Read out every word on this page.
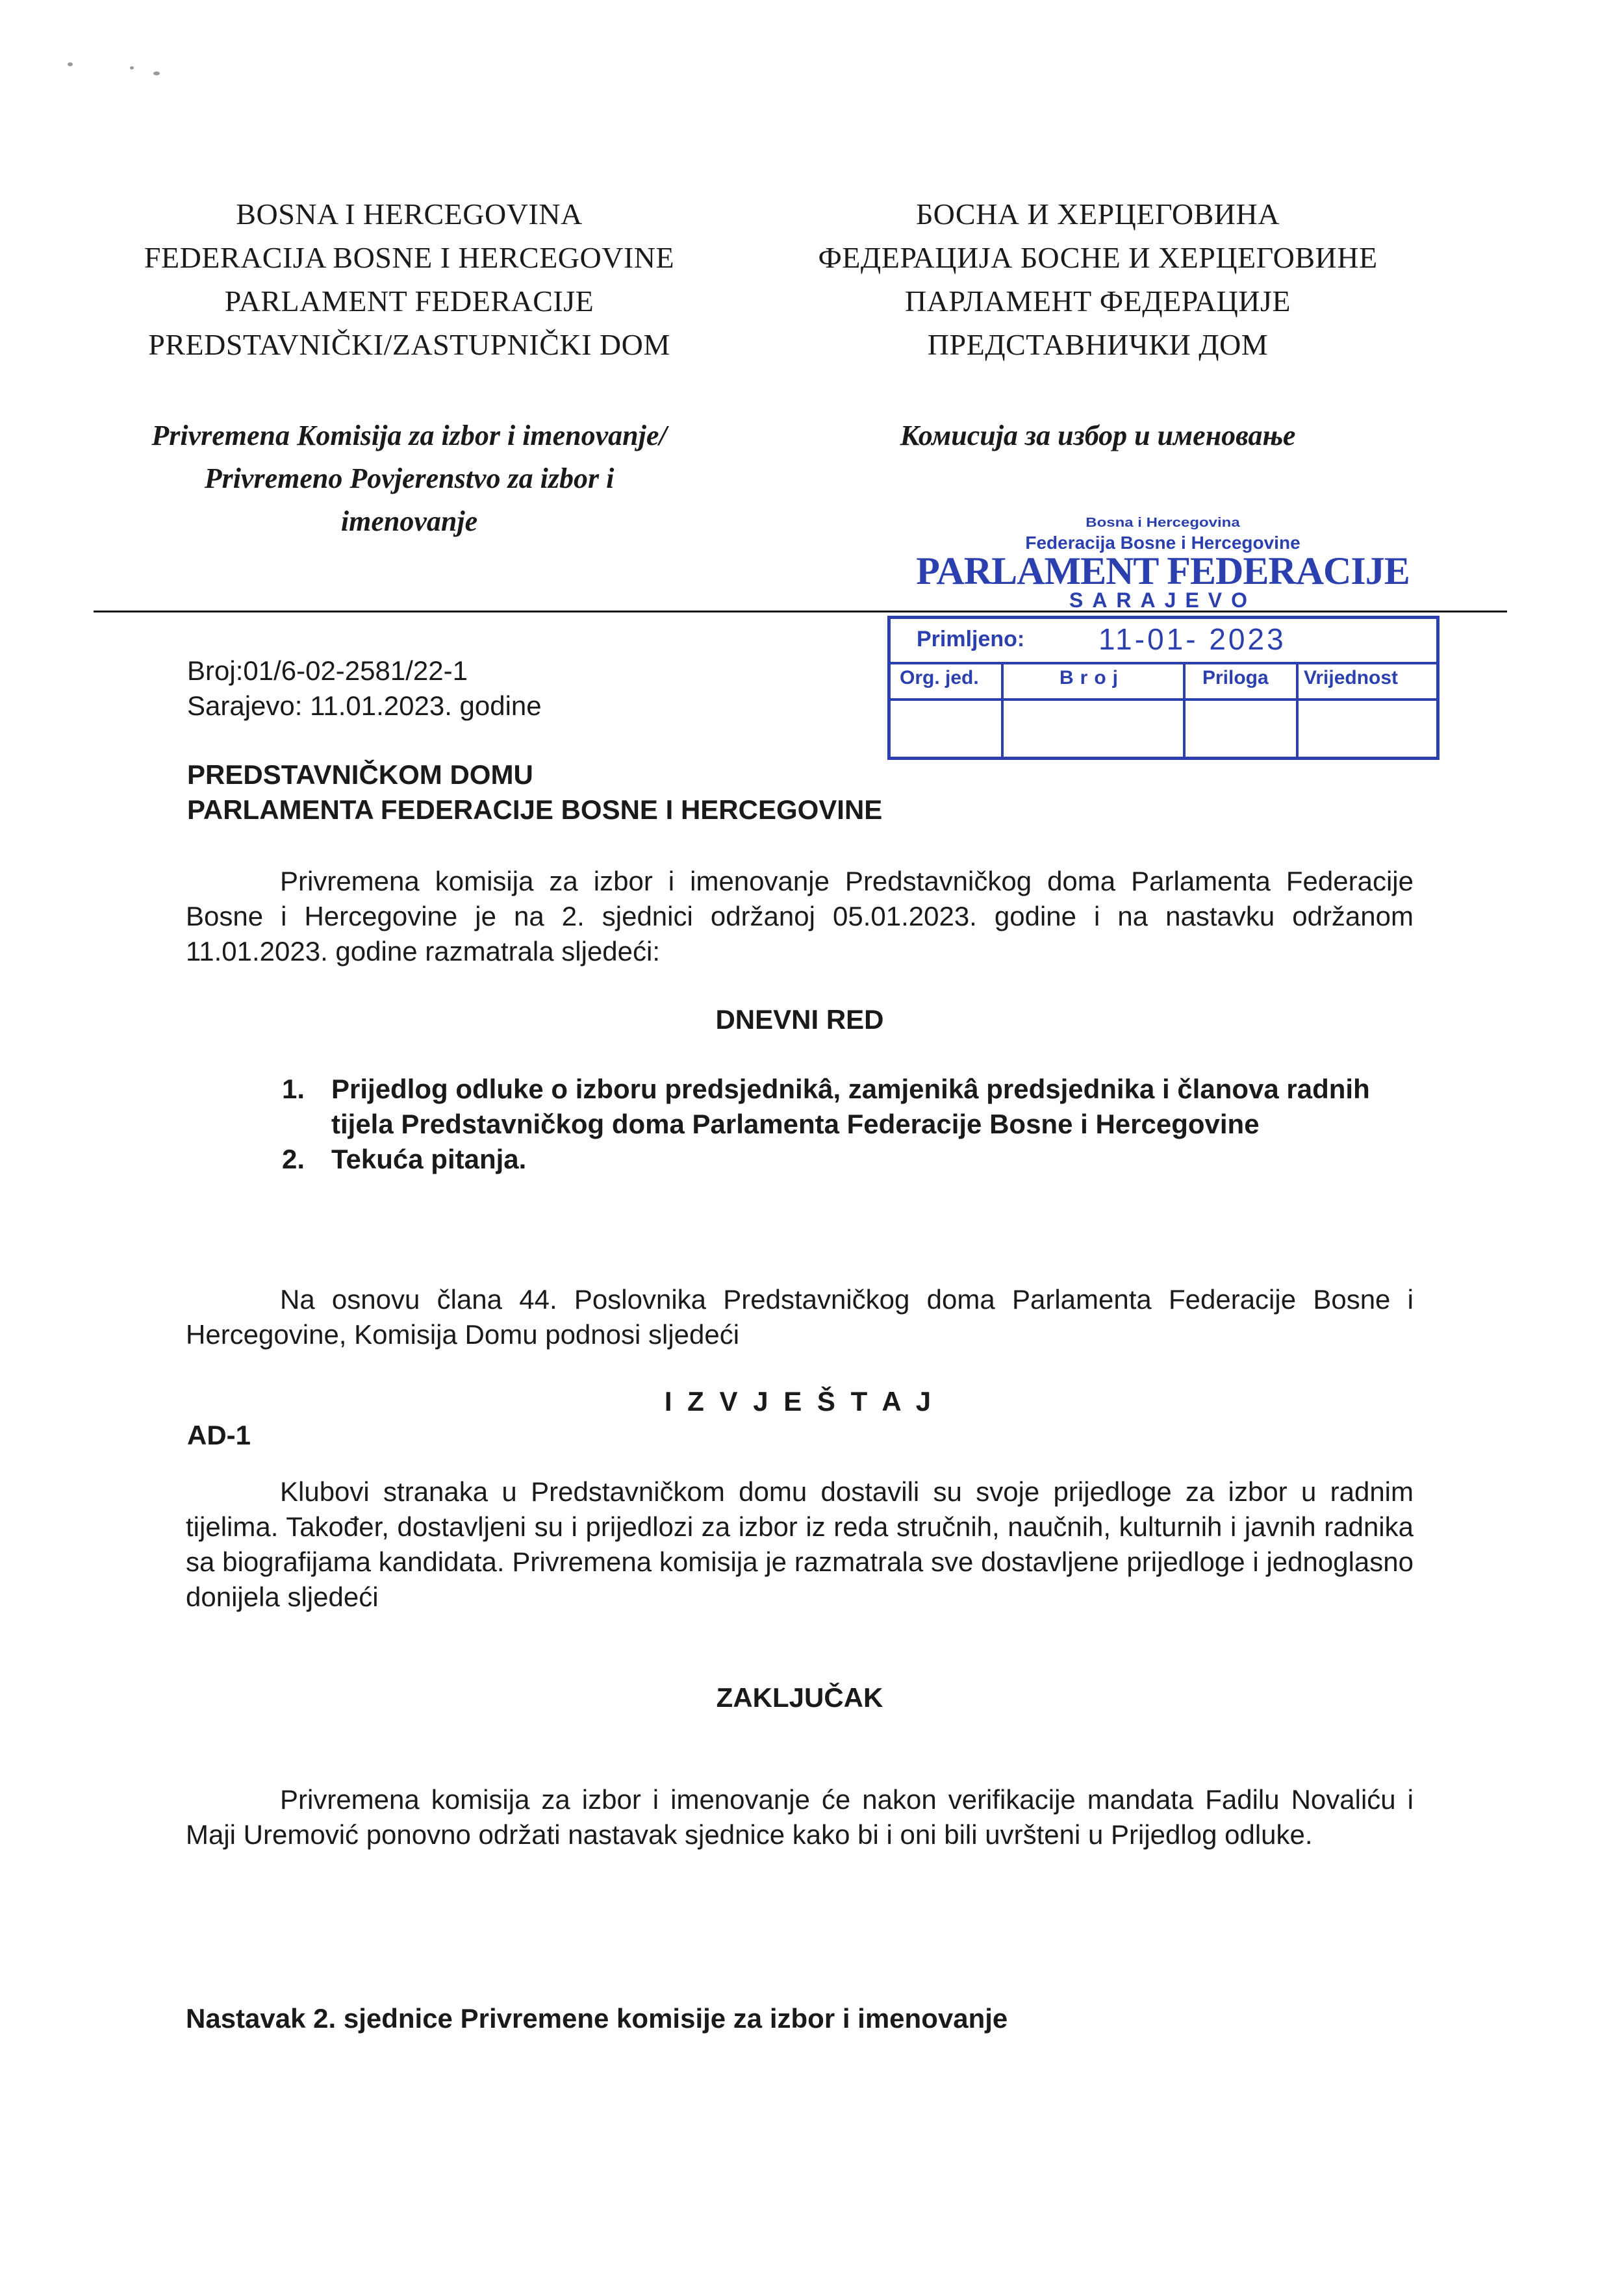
BOSNA I HERCEGOVINA
FEDERACIJA BOSNE I HERCEGOVINE
PARLAMENT FEDERACIJE
PREDSTAVNIČKI/ZASTUPNIČKI DOM
БОСНА И ХЕРЦЕГОВИНА
ФЕДЕРАЦИЈА БОСНЕ И ХЕРЦЕГОВИНЕ
ПАРЛАМЕНТ ФЕДЕРАЦИЈЕ
ПРЕДСТАВНИЧКИ ДОМ
Privremena Komisija za izbor i imenovanje/
Privremeno Povjerenstvo za izbor i
imenovanje
Комисија за избор и именовање
Bosna i Hercegovina
Federacija Bosne i Hercegovine
PARLAMENT FEDERACIJE
SARAJEVO
Primljeno: 11-01- 2023
Org. jed.	Broj	Priloga Vrijednost
Broj:01/6-02-2581/22-1
Sarajevo: 11.01.2023. godine
PREDSTAVNIČKOM DOMU
PARLAMENTA FEDERACIJE BOSNE I HERCEGOVINE
Privremena komisija za izbor i imenovanje Predstavničkog doma Parlamenta Federacije Bosne i Hercegovine je na 2. sjednici održanoj 05.01.2023. godine i na nastavku održanom 11.01.2023. godine razmatrala sljedeći:
DNEVNI RED
1. Prijedlog odluke o izboru predsjednikâ, zamjenikâ predsjednika i članova radnih tijela Predstavničkog doma Parlamenta Federacije Bosne i Hercegovine
2. Tekuća pitanja.
Na osnovu člana 44. Poslovnika Predstavničkog doma Parlamenta Federacije Bosne i Hercegovine, Komisija Domu podnosi sljedeći
I Z V J E Š T A J
AD-1
Klubovi stranaka u Predstavničkom domu dostavili su svoje prijedloge za izbor u radnim tijelima. Također, dostavljeni su i prijedlozi za izbor iz reda stručnih, naučnih, kulturnih i javnih radnika sa biografijama kandidata. Privremena komisija je razmatrala sve dostavljene prijedloge i jednoglasno donijela sljedeći
ZAKLJUČAK
Privremena komisija za izbor i imenovanje će nakon verifikacije mandata Fadilu Novaliću i Maji Uremović ponovno održati nastavak sjednice kako bi i oni bili uvršteni u Prijedlog odluke.
Nastavak 2. sjednice Privremene komisije za izbor i imenovanje
